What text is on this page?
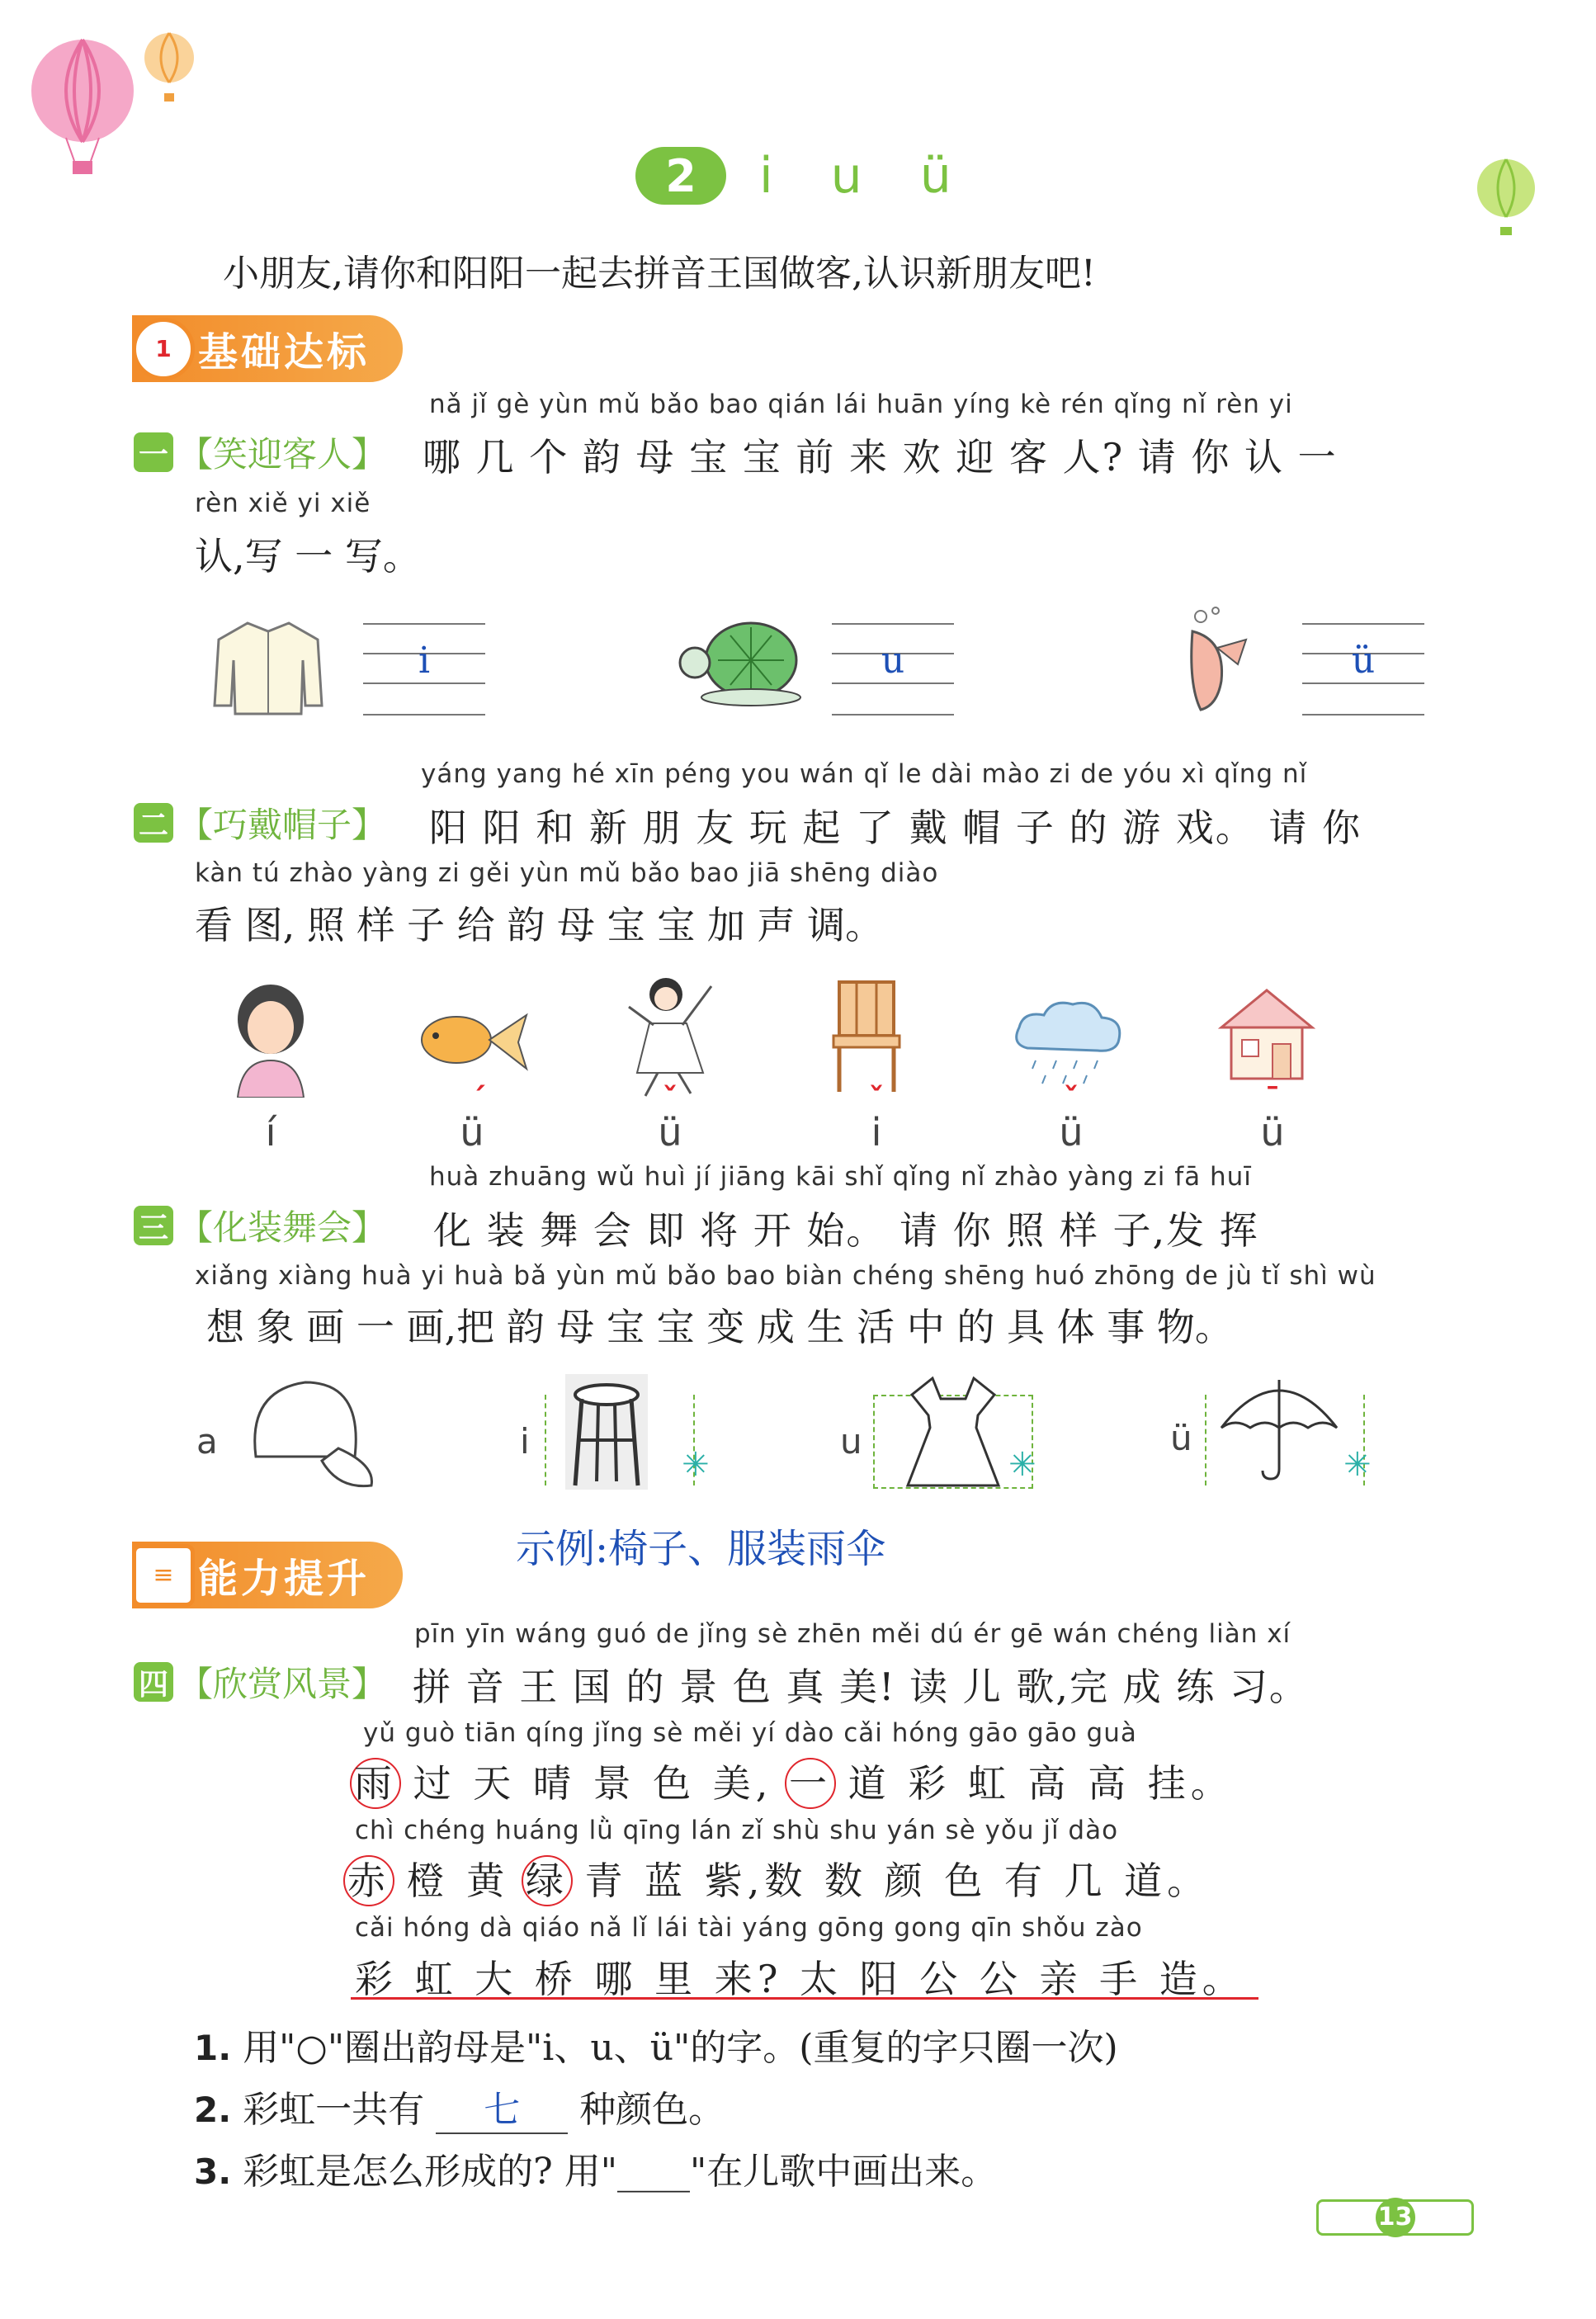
2 i u ü
小朋友,请你和阳阳一起去拼音王国做客,认识新朋友吧!
基础达标
1
nǎ jǐ gè yùn mǔ bǎo bao qián lái huān yíng kè rén qǐng nǐ rèn yi
一 【笑迎客人】 哪 几 个 韵 母 宝 宝 前 来 欢 迎 客 人? 请 你 认 一
rèn xiě yi xiě
认,写 一 写。
i	u	ü
yáng yang hé xīn péng you wán qǐ le dài mào zi de yóu xì qǐng nǐ
二 【巧戴帽子】 阳 阳 和 新 朋 友 玩 起 了 戴 帽 子 的 游 戏。 请 你
kàn tú zhào yàng zi gěi yùn mǔ bǎo bao jiā shēng diào
看 图, 照 样 子 给 韵 母 宝 宝 加 声 调。
ˊ	ˇ	ˇ	ˇ	ˉ
í	ü	ü	i	ü	ü
huà zhuāng wǔ huì jí jiāng kāi shǐ qǐng nǐ zhào yàng zi fā huī
三 【化装舞会】 化 装 舞 会 即 将 开 始。 请 你 照 样 子,发 挥
xiǎng xiàng huà yi huà bǎ yùn mǔ bǎo bao biàn chéng shēng huó zhōng de jù tǐ shì wù
想 象 画 一 画,把 韵 母 宝 宝 变 成 生 活 中 的 具 体 事 物。
a	i
✳
u
✳
ü
✳
示例:椅子、服装雨伞
能力提升
≡
pīn yīn wáng guó de jǐng sè zhēn měi dú ér gē wán chéng liàn xí
四 【欣赏风景】 拼 音 王 国 的 景 色 真 美! 读 儿 歌,完 成 练 习。
yǔ guò tiān qíng jǐng sè měi yí dào cǎi hóng gāo gāo guà
雨 过 天 晴 景 色 美, 一 道 彩 虹 高 高 挂。
chì chéng huáng lǜ qīng lán zǐ shù shu yán sè yǒu jǐ dào
赤 橙 黄 绿 青 蓝 紫,数 数 颜 色 有 几 道。
cǎi hóng dà qiáo nǎ lǐ lái tài yáng gōng gong qīn shǒu zào
彩 虹 大 桥 哪 里 来? 太 阳 公 公 亲 手 造。
1. 用"○"圈出韵母是"i、u、ü"的字。(重复的字只圈一次)
2. 彩虹一共有 七 种颜色。
3. 彩虹是怎么形成的? 用"____"在儿歌中画出来。
13
